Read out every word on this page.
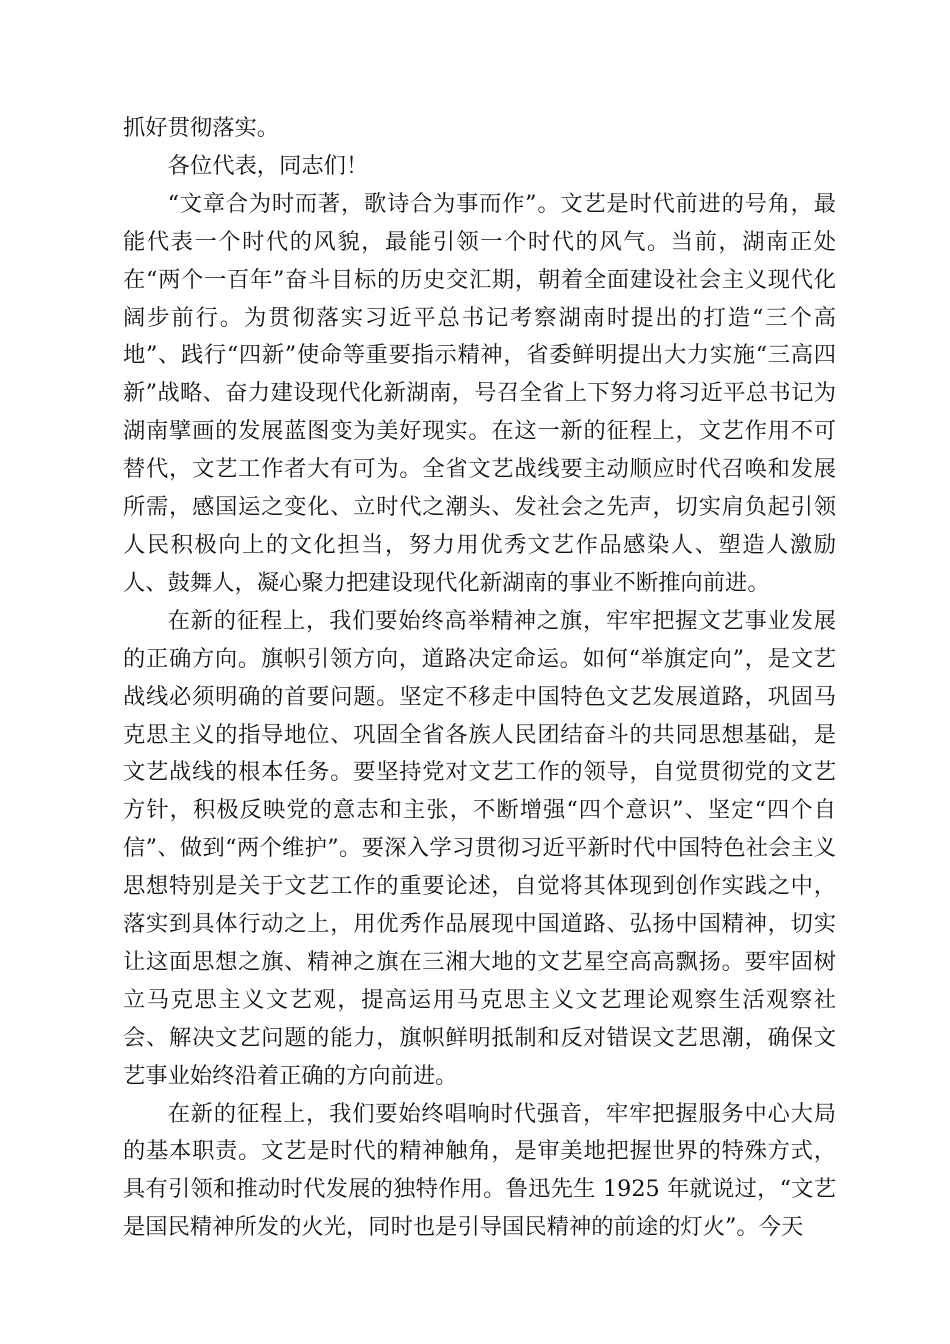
抓好贯彻落实。

各位代表，同志们！

“文章合为时而著，歌诗合为事而作”。文艺是时代前进的号角，最能代表一个时代的风貌，最能引领一个时代的风气。当前，湖南正处在“两个一百年”奋斗目标的历史交汇期，朝着全面建设社会主义现代化阔步前行。为贯彻落实习近平总书记考察湖南时提出的打造“三个高地”、践行“四新”使命等重要指示精神，省委鲜明提出大力实施“三高四新”战略、奋力建设现代化新湖南，号召全省上下努力将习近平总书记为湖南擘画的发展蓝图变为美好现实。在这一新的征程上，文艺作用不可替代，文艺工作者大有可为。全省文艺战线要主动顺应时代召唤和发展所需，感国运之变化、立时代之潮头、发社会之先声，切实肩负起引领人民积极向上的文化担当，努力用优秀文艺作品感染人、塑造人激励人、鼓舞人，凝心聚力把建设现代化新湖南的事业不断推向前进。

在新的征程上，我们要始终高举精神之旗，牢牢把握文艺事业发展的正确方向。旗帜引领方向，道路决定命运。如何“举旗定向”，是文艺战线必须明确的首要问题。坚定不移走中国特色文艺发展道路，巩固马克思主义的指导地位、巩固全省各族人民团结奋斗的共同思想基础，是文艺战线的根本任务。要坚持党对文艺工作的领导，自觉贯彻党的文艺方针，积极反映党的意志和主张，不断增强“四个意识”、坚定“四个自信”、做到“两个维护”。要深入学习贯彻习近平新时代中国特色社会主义思想特别是关于文艺工作的重要论述，自觉将其体现到创作实践之中，落实到具体行动之上，用优秀作品展现中国道路、弘扬中国精神，切实让这面思想之旗、精神之旗在三湘大地的文艺星空高高飘扬。要牢固树立马克思主义文艺观，提高运用马克思主义文艺理论观察生活观察社会、解决文艺问题的能力，旗帜鲜明抵制和反对错误文艺思潮，确保文艺事业始终沿着正确的方向前进。

在新的征程上，我们要始终唱响时代强音，牢牢把握服务中心大局的基本职责。文艺是时代的精神触角，是审美地把握世界的特殊方式，具有引领和推动时代发展的独特作用。鲁迅先生 1925 年就说过，“文艺是国民精神所发的火光，同时也是引导国民精神的前途的灯火”。今天
